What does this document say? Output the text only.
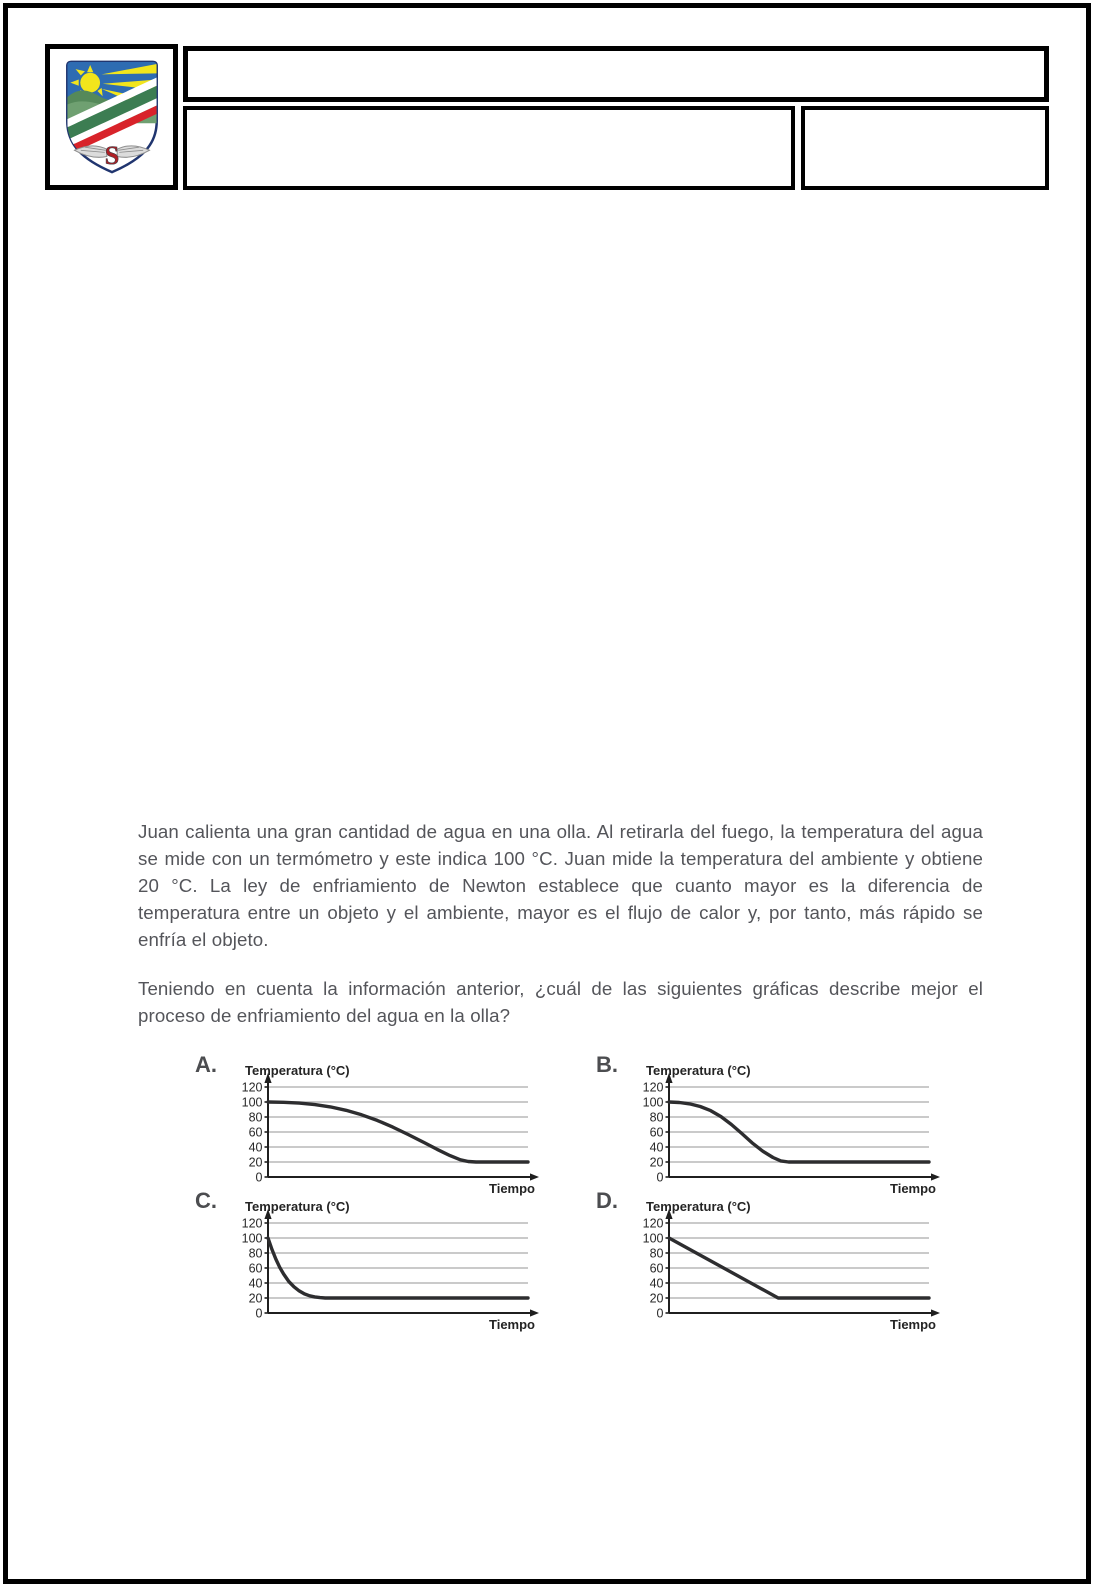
S

Juan calienta una gran cantidad de agua en una olla. Al retirarla del fuego, la temperatura del agua se mide con un termómetro y este indica 100 °C. Juan mide la temperatura del ambiente y obtiene 20 °C. La ley de enfriamiento de Newton establece que cuanto mayor es la diferencia de temperatura entre un objeto y el ambiente, mayor es el flujo de calor y, por tanto, más rápido se enfría el objeto.

Teniendo en cuenta la información anterior, ¿cuál de las siguientes gráficas describe mejor el proceso de enfriamiento del agua en la olla?

A.
0
20
40
60
80
100
120
Temperatura (°C)
Tiempo
B.
0
20
40
60
80
100
120
Temperatura (°C)
Tiempo
C.
0
20
40
60
80
100
120
Temperatura (°C)
Tiempo
D.
0
20
40
60
80
100
120
Temperatura (°C)
Tiempo
